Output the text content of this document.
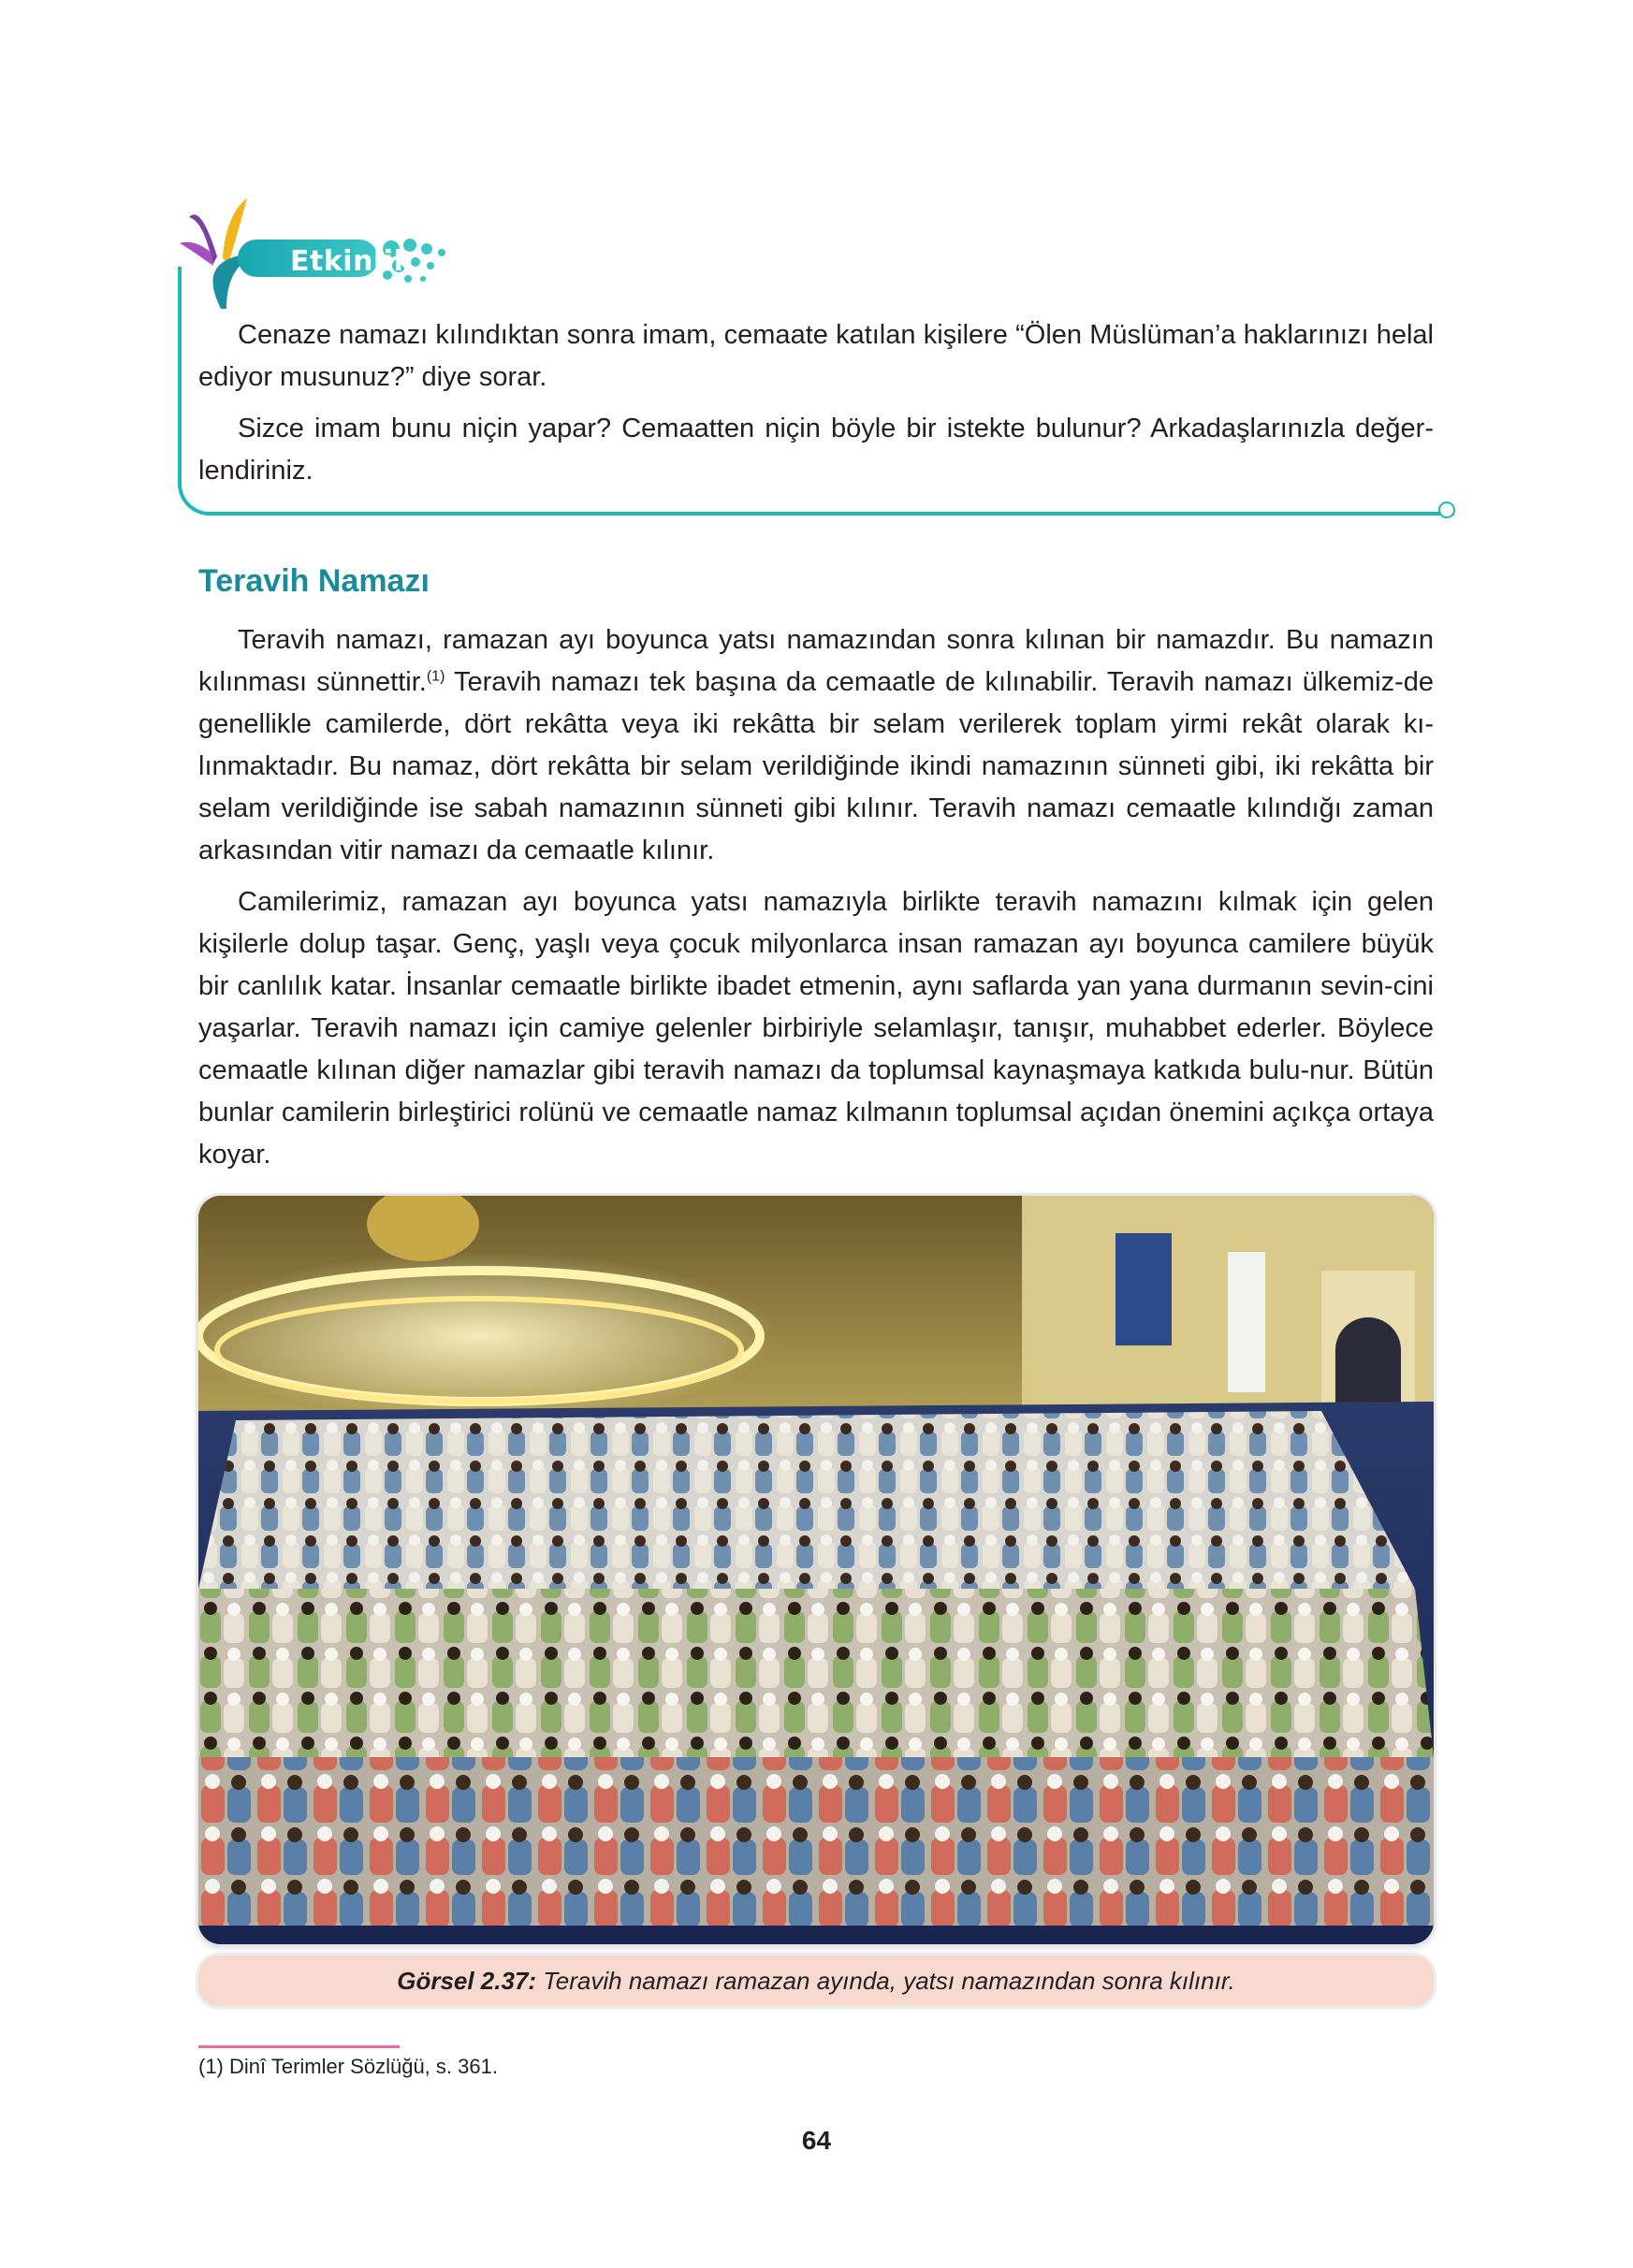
Etkinlik

Cenaze namazı kılındıktan sonra imam, cemaate katılan kişilere “Ölen Müslüman’a haklarınızı helal ediyor musunuz?” diye sorar.

Sizce imam bunu niçin yapar? Cemaatten niçin böyle bir istekte bulunur? Arkadaşlarınızla değer-lendiriniz.

Teravih Namazı

Teravih namazı, ramazan ayı boyunca yatsı namazından sonra kılınan bir namazdır. Bu namazın kılınması sünnettir.$^{(1)}$ Teravih namazı tek başına da cemaatle de kılınabilir. Teravih namazı ülkemiz-de genellikle camilerde, dört rekâtta veya iki rekâtta bir selam verilerek toplam yirmi rekât olarak kı-lınmaktadır. Bu namaz, dört rekâtta bir selam verildiğinde ikindi namazının sünneti gibi, iki rekâtta bir selam verildiğinde ise sabah namazının sünneti gibi kılınır. Teravih namazı cemaatle kılındığı zaman arkasından vitir namazı da cemaatle kılınır.

Camilerimiz, ramazan ayı boyunca yatsı namazıyla birlikte teravih namazını kılmak için gelen kişilerle dolup taşar. Genç, yaşlı veya çocuk milyonlarca insan ramazan ayı boyunca camilere büyük bir canlılık katar. İnsanlar cemaatle birlikte ibadet etmenin, aynı saflarda yan yana durmanın sevin-cini yaşarlar. Teravih namazı için camiye gelenler birbiriyle selamlaşır, tanışır, muhabbet ederler. Böylece cemaatle kılınan diğer namazlar gibi teravih namazı da toplumsal kaynaşmaya katkıda bulu-nur. Bütün bunlar camilerin birleştirici rolünü ve cemaatle namaz kılmanın toplumsal açıdan önemini açıkça ortaya koyar.

Görsel 2.37: Teravih namazı ramazan ayında, yatsı namazından sonra kılınır.
(1) Dinî Terimler Sözlüğü, s. 361.
64
